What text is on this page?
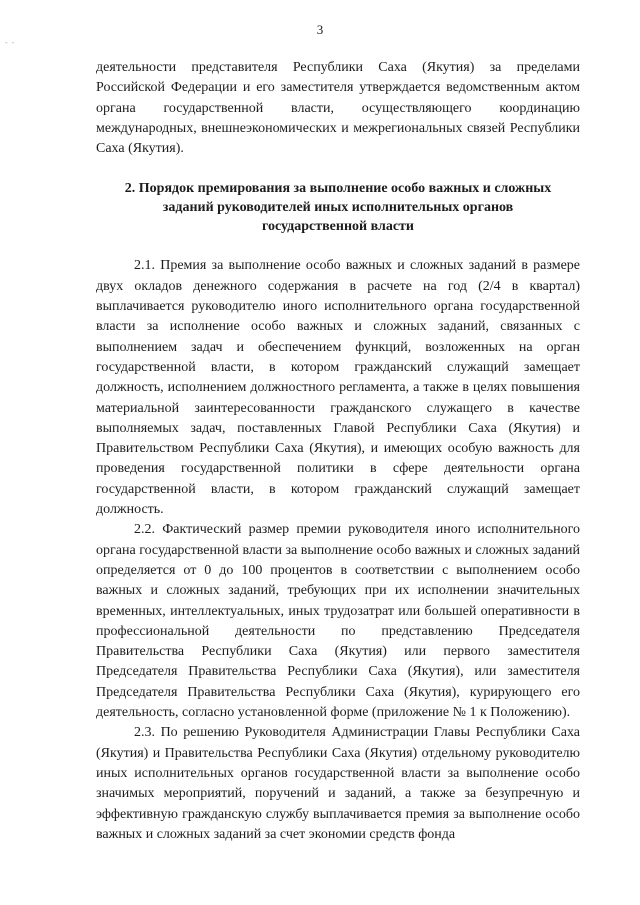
- -
3

деятельности представителя Республики Саха (Якутия) за пределами Российской Федерации и его заместителя утверждается ведомственным актом органа государственной власти, осуществляющего координацию международных, внешнеэкономических и межрегиональных связей Республики Саха (Якутия).

2. Порядок премирования за выполнение особо важных и сложных заданий руководителей иных исполнительных органов государственной власти

2.1. Премия за выполнение особо важных и сложных заданий в размере двух окладов денежного содержания в расчете на год (2/4 в квартал) выплачивается руководителю иного исполнительного органа государственной власти за исполнение особо важных и сложных заданий, связанных с выполнением задач и обеспечением функций, возложенных на орган государственной власти, в котором гражданский служащий замещает должность, исполнением должностного регламента, а также в целях повышения материальной заинтересованности гражданского служащего в качестве выполняемых задач, поставленных Главой Республики Саха (Якутия) и Правительством Республики Саха (Якутия), и имеющих особую важность для проведения государственной политики в сфере деятельности органа государственной власти, в котором гражданский служащий замещает должность.

2.2. Фактический размер премии руководителя иного исполнительного органа государственной власти за выполнение особо важных и сложных заданий определяется от 0 до 100 процентов в соответствии с выполнением особо важных и сложных заданий, требующих при их исполнении значительных временных, интеллектуальных, иных трудозатрат или большей оперативности в профессиональной деятельности по представлению Председателя Правительства Республики Саха (Якутия) или первого заместителя Председателя Правительства Республики Саха (Якутия), или заместителя Председателя Правительства Республики Саха (Якутия), курирующего его деятельность, согласно установленной форме (приложение № 1 к Положению).

2.3. По решению Руководителя Администрации Главы Республики Саха (Якутия) и Правительства Республики Саха (Якутия) отдельному руководителю иных исполнительных органов государственной власти за выполнение особо значимых мероприятий, поручений и заданий, а также за безупречную и эффективную гражданскую службу выплачивается премия за выполнение особо важных и сложных заданий за счет экономии средств фонда
